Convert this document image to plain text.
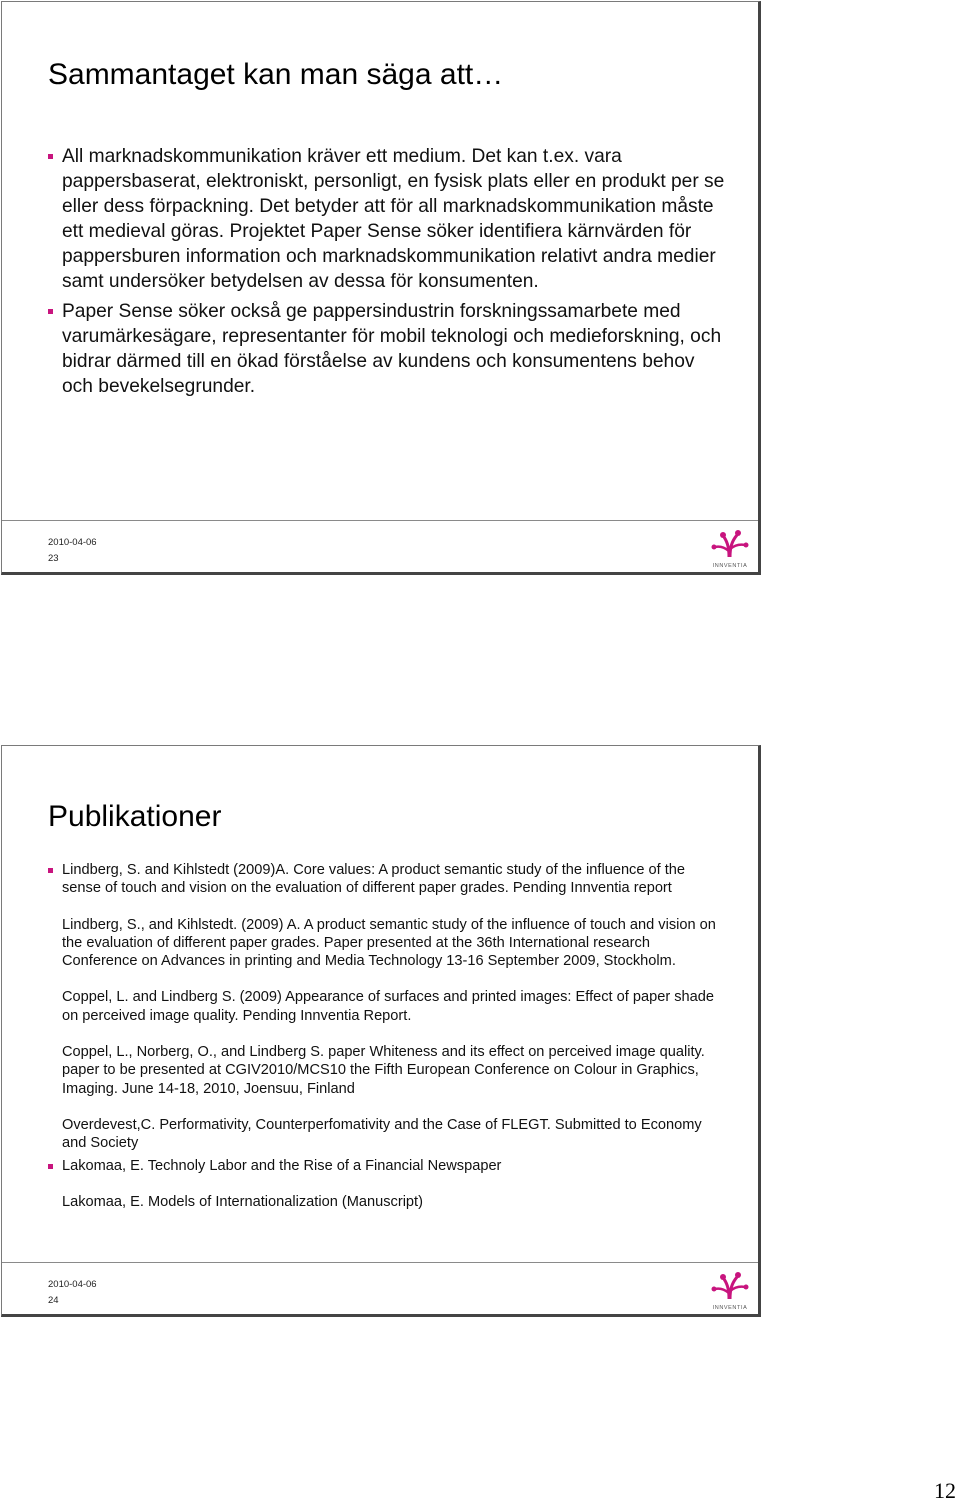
Sammantaget kan man säga att…
All marknadskommunikation kräver ett medium. Det kan t.ex. vara pappersbaserat, elektroniskt, personligt, en fysisk plats eller en produkt per se eller dess förpackning. Det betyder att för all marknadskommunikation måste ett medieval göras. Projektet Paper Sense söker identifiera kärnvärden för pappersburen information och marknadskommunikation relativt andra medier samt undersöker betydelsen av dessa för konsumenten.
Paper Sense söker också ge pappersindustrin forskningssamarbete med varumärkesägare, representanter för mobil teknologi och medieforskning, och bidrar därmed till en ökad förståelse av kundens och konsumentens behov och bevekelsegrunder.
2010-04-06
23
INNVENTIA
Publikationer
Lindberg, S. and Kihlstedt (2009)A. Core values: A product semantic study of the influence of the sense of touch and vision on the evaluation of different paper grades. Pending Innventia report
Lindberg, S., and Kihlstedt. (2009) A. A product semantic study of the influence of touch and vision on the evaluation of different paper grades. Paper presented at the 36th International research Conference on Advances in printing and Media Technology 13-16 September 2009, Stockholm.
Coppel, L. and Lindberg S. (2009) Appearance of surfaces and printed images: Effect of paper shade on perceived image quality. Pending Innventia Report.
Coppel, L., Norberg, O., and Lindberg S. paper Whiteness and its effect on perceived image quality. paper to be presented at CGIV2010/MCS10 the Fifth European Conference on Colour in Graphics, Imaging. June 14-18, 2010, Joensuu, Finland
Overdevest,C. Performativity, Counterperfomativity and the Case of FLEGT. Submitted to Economy and Society
Lakomaa, E. Technoly Labor and the Rise of a Financial Newspaper
Lakomaa, E. Models of Internationalization (Manuscript)
2010-04-06
24
INNVENTIA
12
